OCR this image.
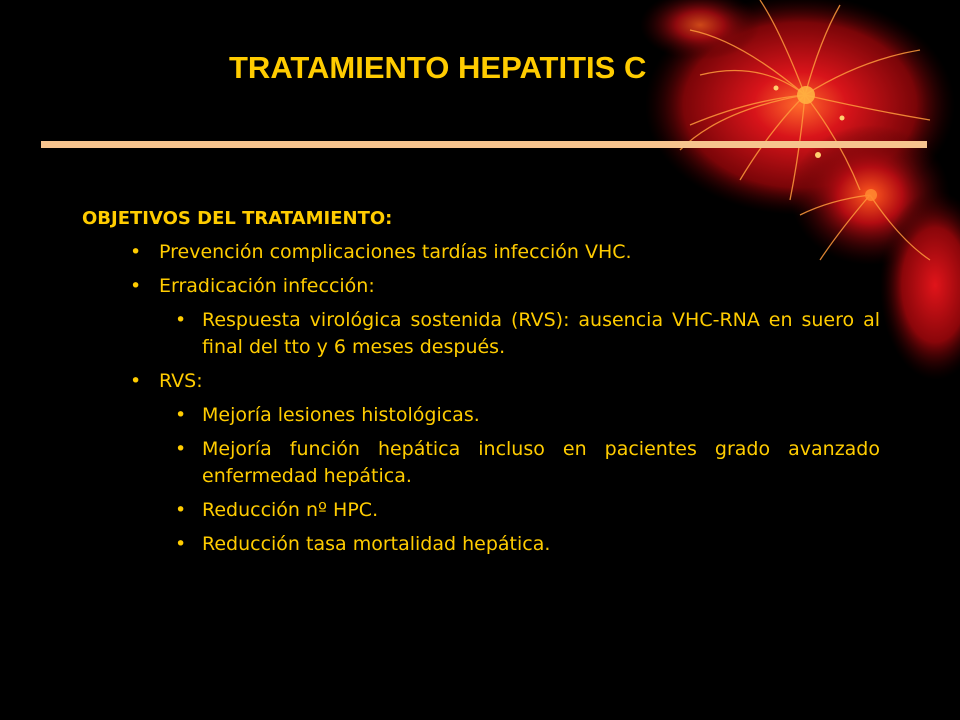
TRATAMIENTO HEPATITIS C
OBJETIVOS DEL TRATAMIENTO:
• Prevención complicaciones tardías infección VHC.
• Erradicación infección:
• Respuesta virológica sostenida (RVS): ausencia VHC-RNA en suero al final del tto y 6 meses después.
• RVS:
• Mejoría lesiones histológicas.
• Mejoría función hepática incluso en pacientes grado avanzado enfermedad hepática.
• Reducción nº HPC.
• Reducción tasa mortalidad hepática.
